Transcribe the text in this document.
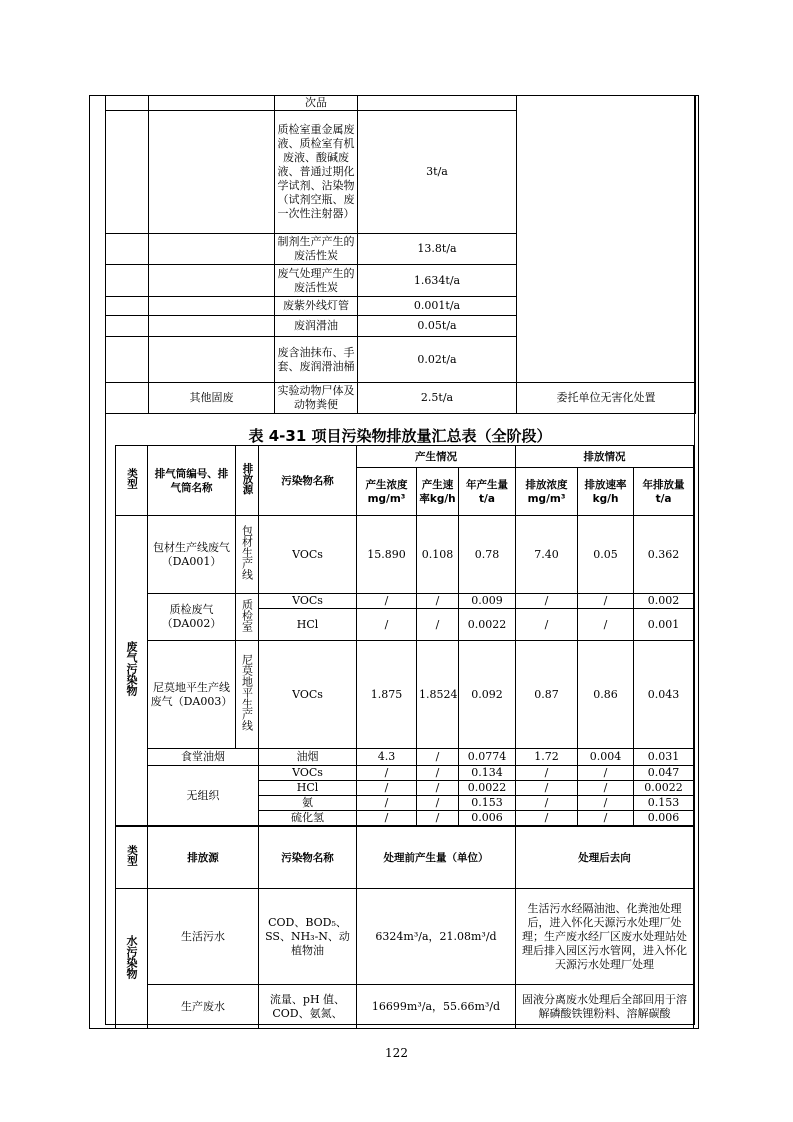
		次品		
		质检室重金属废液、质检室有机废液、酸碱废液、普通过期化学试剂、沾染物（试剂空瓶、废一次性注射器）	3t/a	
		制剂生产产生的废活性炭	13.8t/a	
		废气处理产生的废活性炭	1.634t/a	
		废紫外线灯管	0.001t/a	
		废润滑油	0.05t/a	
		废含油抹布、手套、废润滑油桶	0.02t/a	
	其他固废	实验动物尸体及动物粪便	2.5t/a	委托单位无害化处置
表 4-31 项目污染物排放量汇总表（全阶段）
类型	排气筒编号、排气筒名称	排放源	污染物名称	产生情况			排放情况		
				产生浓度mg/m³	产生速率kg/h	年产生量 t/a	排放浓度mg/m³	排放速率 kg/h	年排放量 t/a
废气污染物	包材生产线废气（DA001）	包材生产线	VOCs	15.890	0.108	0.78	7.40	0.05	0.362
	质检废气（DA002）	质检室	VOCs	/	/	0.009	/	/	0.002
			HCl	/	/	0.0022	/	/	0.001
	尼莫地平生产线废气（DA003）	尼莫地平生产线	VOCs	1.875	1.8524	0.092	0.87	0.86	0.043
	食堂油烟		油烟	4.3	/	0.0774	1.72	0.004	0.031
	无组织		VOCs	/	/	0.134	/	/	0.047
			HCl	/	/	0.0022	/	/	0.0022
			氨	/	/	0.153	/	/	0.153
			硫化氢	/	/	0.006	/	/	0.006
类型	排放源	污染物名称	处理前产生量（单位）	处理后去向
水污染物	生活污水	COD、BOD₅、SS、NH₃-N、动植物油	6324m³/a，21.08m³/d	生活污水经隔油池、化粪池处理后，进入怀化天源污水处理厂处理；生产废水经厂区废水处理站处理后排入园区污水管网，进入怀化天源污水处理厂处理
	生产废水	流量、pH 值、COD、氨氮、	16699m³/a，55.66m³/d	固液分离废水处理后全部回用于溶解磷酸铁锂粉料、溶解碳酸
122
